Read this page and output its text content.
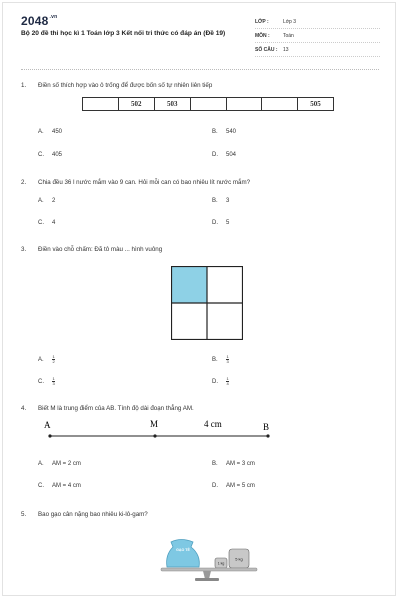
$2048^{.vn}$
Bộ 20 đề thi học kì 1 Toán lớp 3 Kết nối tri thức có đáp án (Đề 19)
LỚP :	Lớp 3
MÔN :	Toán
SỐ CÂU : 13
1. Điền số thích hợp vào ô trống để được bốn số tự nhiên liên tiếp
	502	503				505
A. 450	B. 540
C. 405	D. 504
2. Chia đều 36 l nước mắm vào 9 can. Hỏi mỗi can có bao nhiêu lít nước mắm?
A. 2	B. 3
C. 4	D. 5
3. Điền vào chỗ chấm: Đã tô màu ... hình vuông
A. $\frac{1}{2}$	B. $\frac{1}{3}$
C. $\frac{1}{3}$	D. $\frac{1}{4}$
4. Biết M là trung điểm của AB. Tính độ dài đoạn thẳng AM.
A	M	4 cm	B
A. AM = 2 cm	B. AM = 3 cm
C. AM = 4 cm	D. AM = 5 cm
5. Bao gạo cân nặng bao nhiêu ki-lô-gam?
GẠO TẺ
1 kg
5 kg
